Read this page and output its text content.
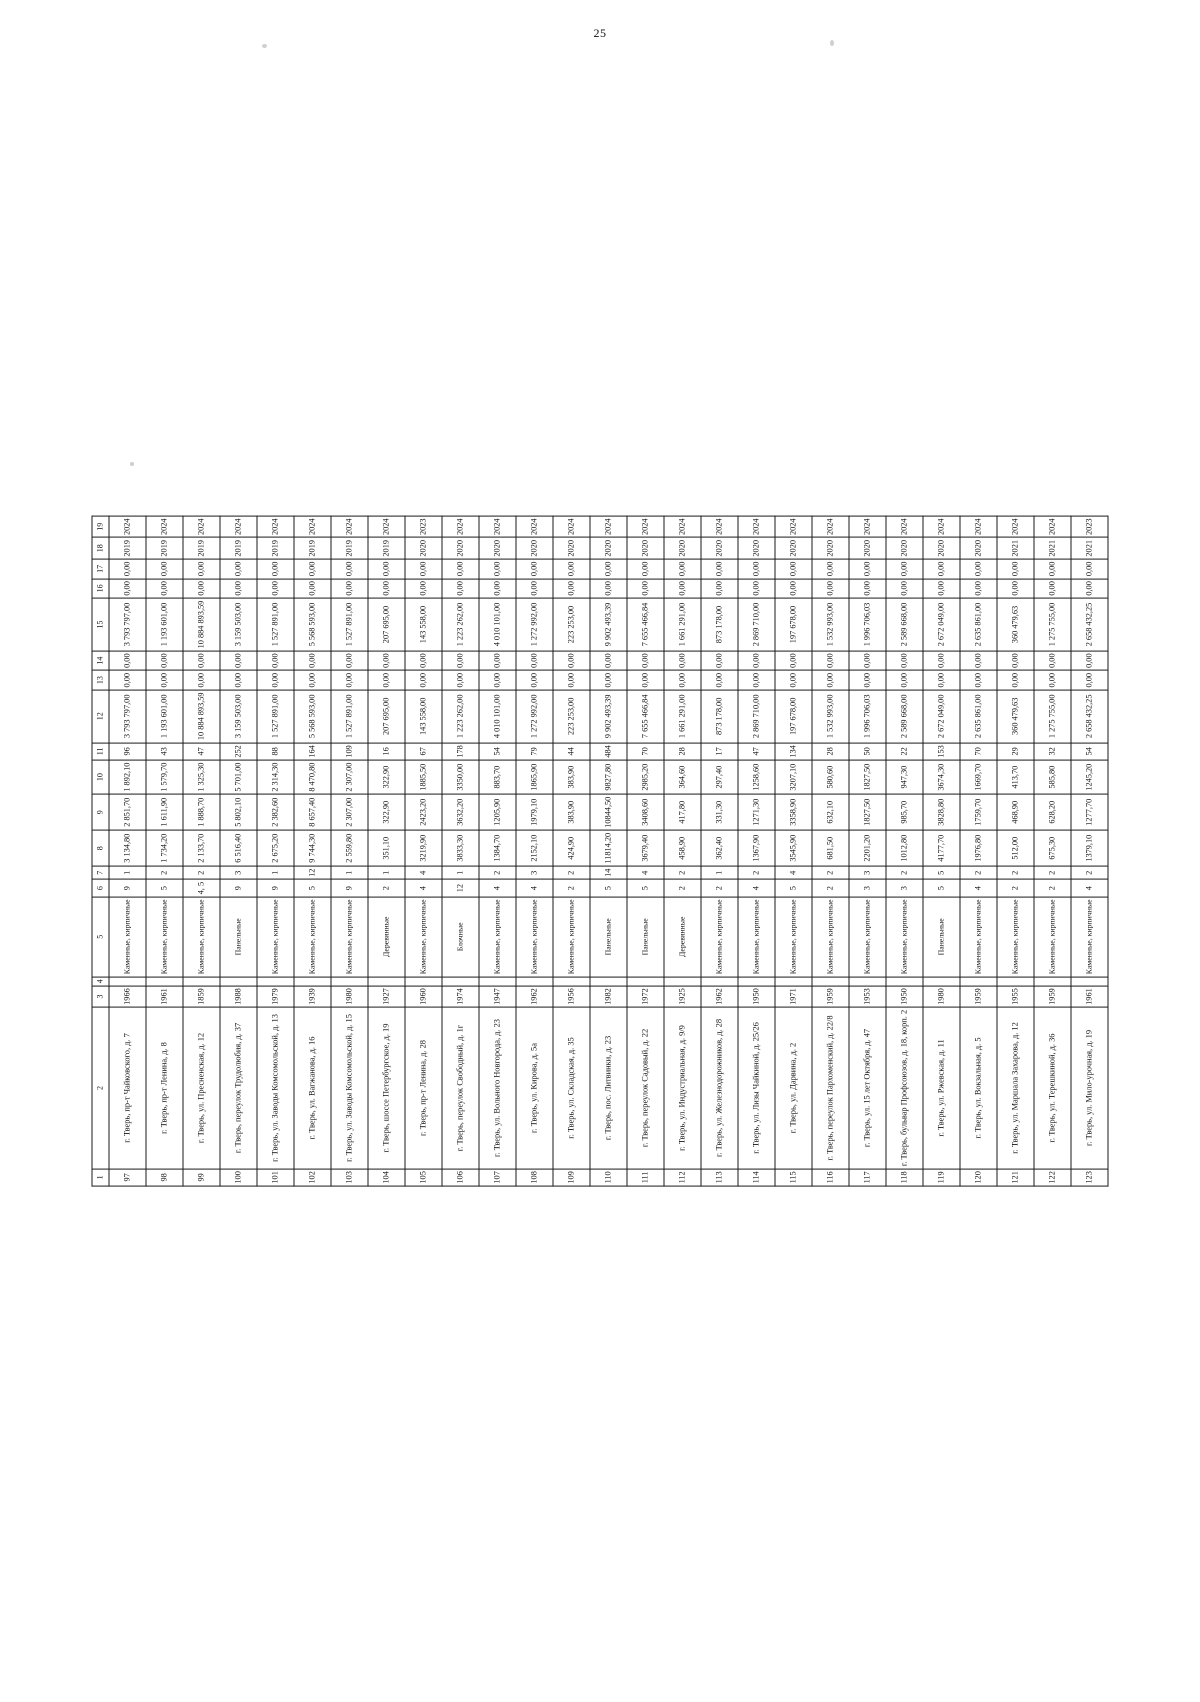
25
1	2	3	4	5	6	7	8	9	10	11	12	13	14	15	16	17	18	19
97	г. Тверь, пр-т Чайковского, д. 7	1966		Каменные, кирпичные	9	1	3 134,80	2 851,70	1 892,10	96	3 793 797,00	0,00	0,00	3 793 797,00	0,00	0,00	2019	2024
98	г. Тверь, пр-т Ленина, д. 8	1961		Каменные, кирпичные	5	2	1 734,20	1 611,90	1 579,70	43	1 193 601,00	0,00	0,00	1 193 601,00	0,00	0,00	2019	2024
99	г. Тверь, ул. Пресненская, д. 12	1859		Каменные, кирпичные	4, 5	2	2 133,70	1 888,70	1 325,30	47	10 884 893,59	0,00	0,00	10 884 893,59	0,00	0,00	2019	2024
100	г. Тверь, переулок Трудолюбия, д. 37	1988		Панельные	9	3	6 516,40	5 802,10	5 701,00	252	3 159 503,00	0,00	0,00	3 159 503,00	0,00	0,00	2019	2024
101	г. Тверь, ул. Заводы Комсомольской, д. 13	1979		Каменные, кирпичные	9	1	2 675,20	2 382,60	2 314,30	88	1 527 891,00	0,00	0,00	1 527 891,00	0,00	0,00	2019	2024
102	г. Тверь, ул. Вагжанова, д. 16	1939		Каменные, кирпичные	5	12	9 744,30	8 657,40	8 470,80	164	5 568 593,00	0,00	0,00	5 568 593,00	0,00	0,00	2019	2024
103	г. Тверь, ул. Заводы Комсомольской, д. 15	1980		Каменные, кирпичные	9	1	2 559,80	2 307,00	2 307,00	109	1 527 891,00	0,00	0,00	1 527 891,00	0,00	0,00	2019	2024
104	г. Тверь, шоссе Петербургское, д. 19	1927		Деревянные	2	1	351,10	322,90	322,90	16	207 695,00	0,00	0,00	207 695,00	0,00	0,00	2019	2024
105	г. Тверь, пр-т Ленина, д. 28	1960		Каменные, кирпичные	4	4	3219,90	2423,20	1885,50	67	143 558,00	0,00	0,00	143 558,00	0,00	0,00	2020	2023
106	г. Тверь, переулок Свободный, д. 1г	1974		Блочные	12	1	3833,30	3632,20	3350,00	178	1 223 262,00	0,00	0,00	1 223 262,00	0,00	0,00	2020	2024
107	г. Тверь, ул. Вольного Новгорода, д. 23	1947		Каменные, кирпичные	4	2	1384,70	1205,90	883,70	54	4 010 101,00	0,00	0,00	4 010 101,00	0,00	0,00	2020	2024
108	г. Тверь, ул. Кирова, д. 5а	1962		Каменные, кирпичные	4	3	2152,10	1979,10	1865,90	79	1 272 992,00	0,00	0,00	1 272 992,00	0,00	0,00	2020	2024
109	г. Тверь, ул. Складская, д. 35	1956		Каменные, кирпичные	2	2	424,90	383,90	383,90	44	223 253,00	0,00	0,00	223 253,00	0,00	0,00	2020	2024
110	г. Тверь, пос. Литвинки, д. 23	1982		Панельные	5	14	11814,20	10844,50	9827,80	484	9 902 493,39	0,00	0,00	9 902 493,39	0,00	0,00	2020	2024
111	г. Тверь, переулок Садовый, д. 22	1972		Панельные	5	4	3679,40	3408,60	2985,20	70	7 655 466,84	0,00	0,00	7 655 466,84	0,00	0,00	2020	2024
112	г. Тверь, ул. Индустриальная, д. 9/9	1925		Деревянные	2	2	458,90	417,80	364,60	28	1 661 291,00	0,00	0,00	1 661 291,00	0,00	0,00	2020	2024
113	г. Тверь, ул. Железнодорожников, д. 28	1962		Каменные, кирпичные	2	1	362,40	331,30	297,40	17	873 178,00	0,00	0,00	873 178,00	0,00	0,00	2020	2024
114	г. Тверь, ул. Лизы Чайкиной, д. 25/26	1950		Каменные, кирпичные	4	2	1367,90	1271,30	1258,60	47	2 869 710,00	0,00	0,00	2 869 710,00	0,00	0,00	2020	2024
115	г. Тверь, ул. Дарвина, д. 2	1971		Каменные, кирпичные	5	4	3545,90	3358,90	3207,10	134	197 678,00	0,00	0,00	197 678,00	0,00	0,00	2020	2024
116	г. Тверь, переулок Пархоменский, д. 22/8	1959		Каменные, кирпичные	2	2	681,50	632,10	580,60	28	1 532 993,00	0,00	0,00	1 532 993,00	0,00	0,00	2020	2024
117	г. Тверь, ул. 15 лет Октября, д. 47	1953		Каменные, кирпичные	3	3	2201,20	1827,50	1827,50	50	1 996 706,03	0,00	0,00	1 996 706,03	0,00	0,00	2020	2024
118	г. Тверь, бульвар Профсоюзов, д. 18, корп. 2	1950		Каменные, кирпичные	3	2	1012,80	985,70	947,30	22	2 589 668,00	0,00	0,00	2 589 668,00	0,00	0,00	2020	2024
119	г. Тверь, ул. Ржевская, д. 11	1980		Панельные	5	5	4177,70	3828,80	3674,30	153	2 672 049,00	0,00	0,00	2 672 049,00	0,00	0,00	2020	2024
120	г. Тверь, ул. Вокзальная, д. 5	1959		Каменные, кирпичные	4	2	1976,80	1759,70	1669,70	70	2 635 861,00	0,00	0,00	2 635 861,00	0,00	0,00	2020	2024
121	г. Тверь, ул. Маршала Захарова, д. 12	1955		Каменные, кирпичные	2	2	512,00	468,90	413,70	29	360 479,63	0,00	0,00	360 479,63	0,00	0,00	2021	2024
122	г. Тверь, ул. Терешкиной, д. 36	1959		Каменные, кирпичные	2	2	675,30	628,20	585,80	32	1 275 755,00	0,00	0,00	1 275 755,00	0,00	0,00	2021	2024
123	г. Тверь, ул. Мило-урочная, д. 19	1961		Каменные, кирпичные	4	2	1379,10	1277,70	1245,20	54	2 658 432,25	0,00	0,00	2 658 432,25	0,00	0,00	2021	2023
